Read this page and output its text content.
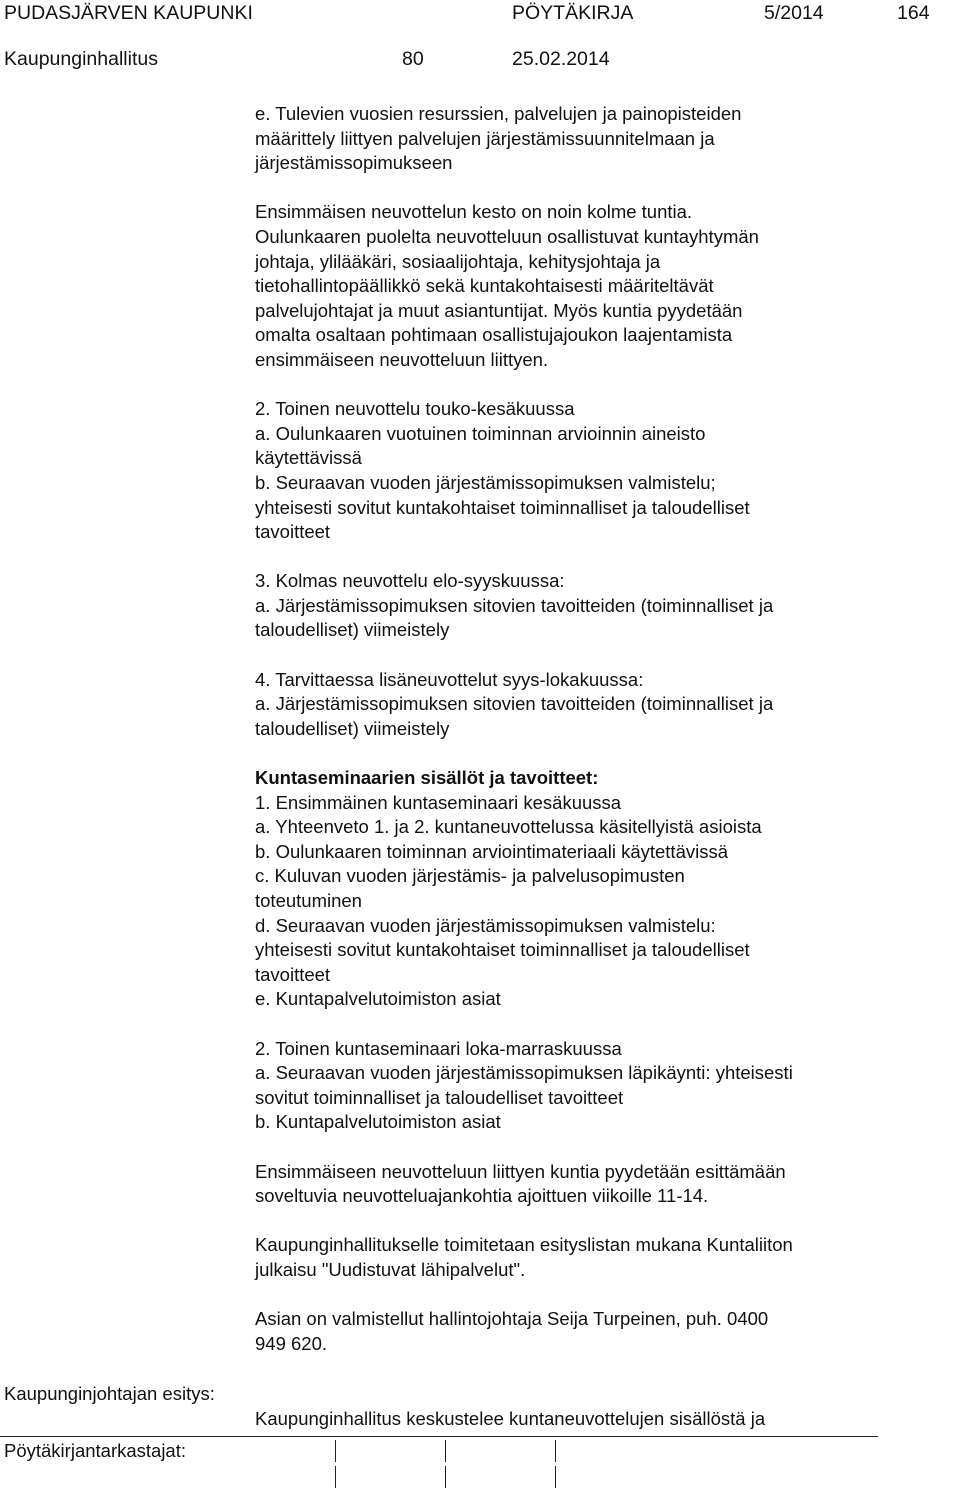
PUDASJÄRVEN KAUPUNKI	PÖYTÄKIRJA	5/2014	164
Kaupunginhallitus	80	25.02.2014

e. Tulevien vuosien resurssien, palvelujen ja painopisteiden
määrittely liittyen palvelujen järjestämissuunnitelmaan ja
järjestämissopimukseen

Ensimmäisen neuvottelun kesto on noin kolme tuntia.
Oulunkaaren puolelta neuvotteluun osallistuvat kuntayhtymän
johtaja, ylilääkäri, sosiaalijohtaja, kehitysjohtaja ja
tietohallintopäällikkö sekä kuntakohtaisesti määriteltävät
palvelujohtajat ja muut asiantuntijat. Myös kuntia pyydetään
omalta osaltaan pohtimaan osallistujajoukon laajentamista
ensimmäiseen neuvotteluun liittyen.

2. Toinen neuvottelu touko-kesäkuussa
a. Oulunkaaren vuotuinen toiminnan arvioinnin aineisto
käytettävissä
b. Seuraavan vuoden järjestämissopimuksen valmistelu;
yhteisesti sovitut kuntakohtaiset toiminnalliset ja taloudelliset
tavoitteet

3. Kolmas neuvottelu elo-syyskuussa:
a. Järjestämissopimuksen sitovien tavoitteiden (toiminnalliset ja
taloudelliset) viimeistely

4. Tarvittaessa lisäneuvottelut syys-lokakuussa:
a. Järjestämissopimuksen sitovien tavoitteiden (toiminnalliset ja
taloudelliset) viimeistely

Kuntaseminaarien sisällöt ja tavoitteet:

1. Ensimmäinen kuntaseminaari kesäkuussa
a. Yhteenveto 1. ja 2. kuntaneuvottelussa käsitellyistä asioista
b. Oulunkaaren toiminnan arviointimateriaali käytettävissä
c. Kuluvan vuoden järjestämis- ja palvelusopimusten
toteutuminen
d. Seuraavan vuoden järjestämissopimuksen valmistelu:
yhteisesti sovitut kuntakohtaiset toiminnalliset ja taloudelliset
tavoitteet
e. Kuntapalvelutoimiston asiat

2. Toinen kuntaseminaari loka-marraskuussa
a. Seuraavan vuoden järjestämissopimuksen läpikäynti: yhteisesti
sovitut toiminnalliset ja taloudelliset tavoitteet
b. Kuntapalvelutoimiston asiat

Ensimmäiseen neuvotteluun liittyen kuntia pyydetään esittämään
soveltuvia neuvotteluajankohtia ajoittuen viikoille 11-14.

Kaupunginhallitukselle toimitetaan esityslistan mukana Kuntaliiton
julkaisu "Uudistuvat lähipalvelut".

Asian on valmistellut hallintojohtaja Seija Turpeinen, puh. 0400
949 620.

Kaupunginjohtajan esitys:
Kaupunginhallitus keskustelee kuntaneuvottelujen sisällöstä ja
Pöytäkirjantarkastajat:
